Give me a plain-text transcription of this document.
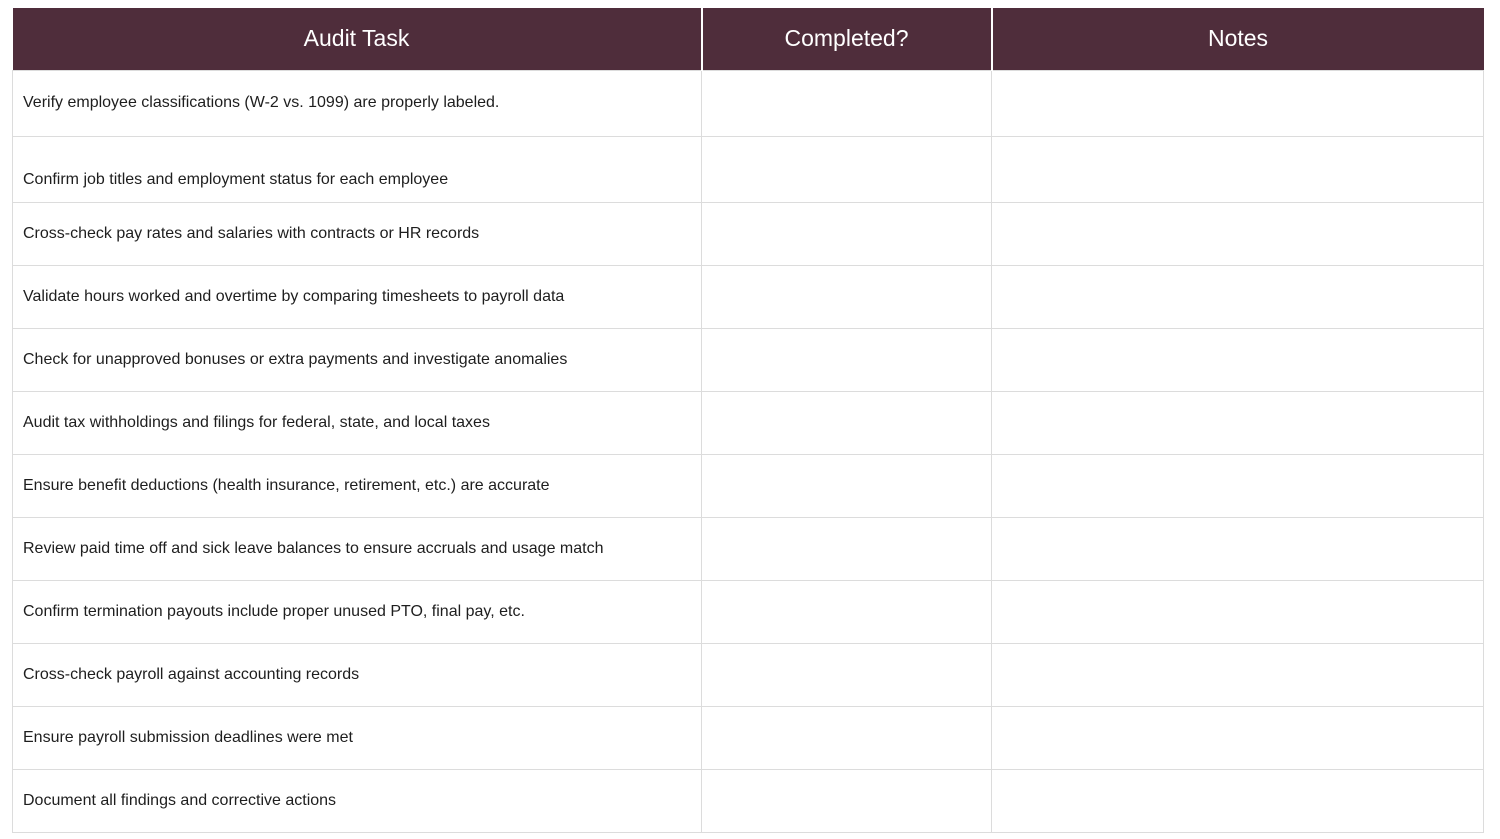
Audit Task	Completed?	Notes
Verify employee classifications (W-2 vs. 1099) are properly labeled.		
Confirm job titles and employment status for each employee		
Cross-check pay rates and salaries with contracts or HR records		
Validate hours worked and overtime by comparing timesheets to payroll data		
Check for unapproved bonuses or extra payments and investigate anomalies		
Audit tax withholdings and filings for federal, state, and local taxes		
Ensure benefit deductions (health insurance, retirement, etc.) are accurate		
Review paid time off and sick leave balances to ensure accruals and usage match		
Confirm termination payouts include proper unused PTO, final pay, etc.		
Cross-check payroll against accounting records		
Ensure payroll submission deadlines were met		
Document all findings and corrective actions		
